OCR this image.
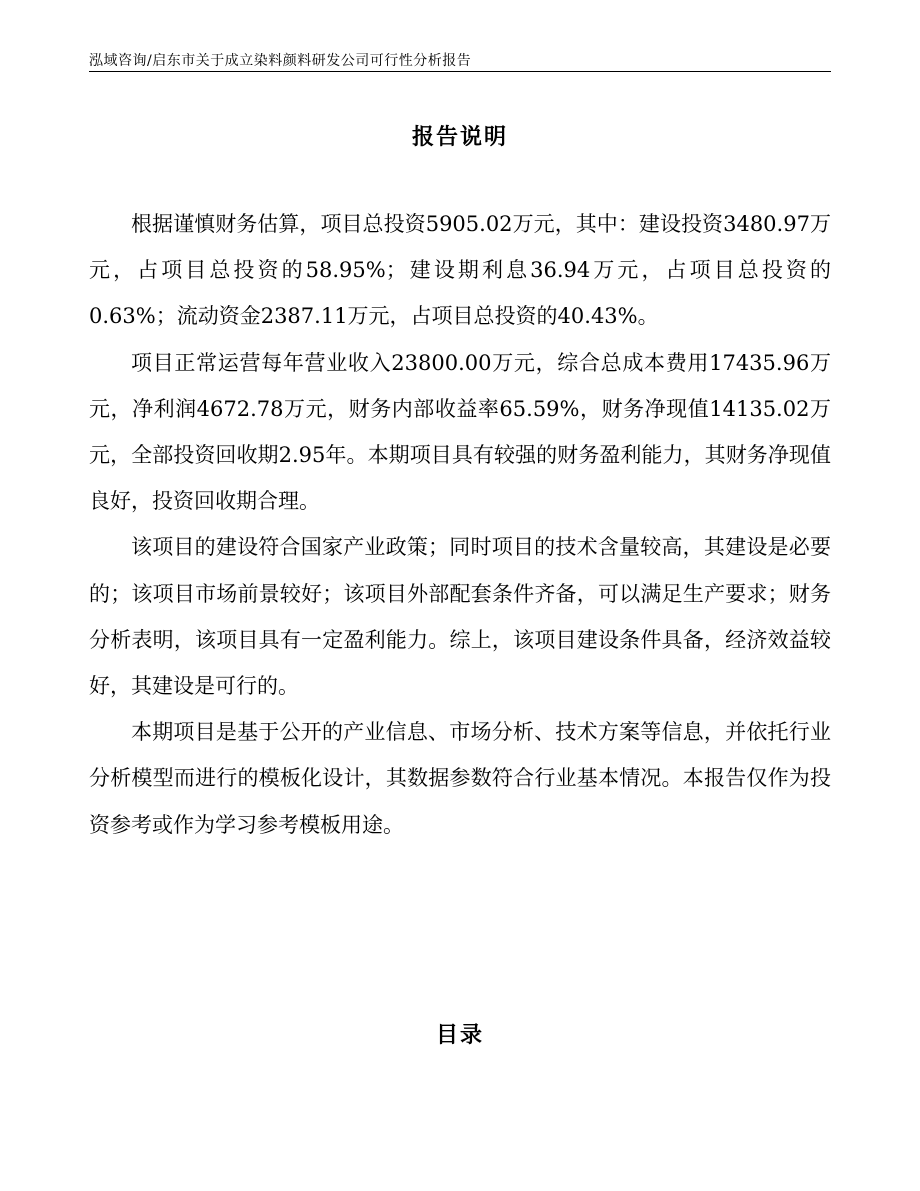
泓域咨询/启东市关于成立染料颜料研发公司可行性分析报告
报告说明

根据谨慎财务估算，项目总投资5905.02万元，其中：建设投资3480.97万元，占项目总投资的58.95%；建设期利息36.94万元，占项目总投资的0.63%；流动资金2387.11万元，占项目总投资的40.43%。

项目正常运营每年营业收入23800.00万元，综合总成本费用17435.96万元，净利润4672.78万元，财务内部收益率65.59%，财务净现值14135.02万元，全部投资回收期2.95年。本期项目具有较强的财务盈利能力，其财务净现值良好，投资回收期合理。

该项目的建设符合国家产业政策；同时项目的技术含量较高，其建设是必要的；该项目市场前景较好；该项目外部配套条件齐备，可以满足生产要求；财务分析表明，该项目具有一定盈利能力。综上，该项目建设条件具备，经济效益较好，其建设是可行的。

本期项目是基于公开的产业信息、市场分析、技术方案等信息，并依托行业分析模型而进行的模板化设计，其数据参数符合行业基本情况。本报告仅作为投资参考或作为学习参考模板用途。

目录
